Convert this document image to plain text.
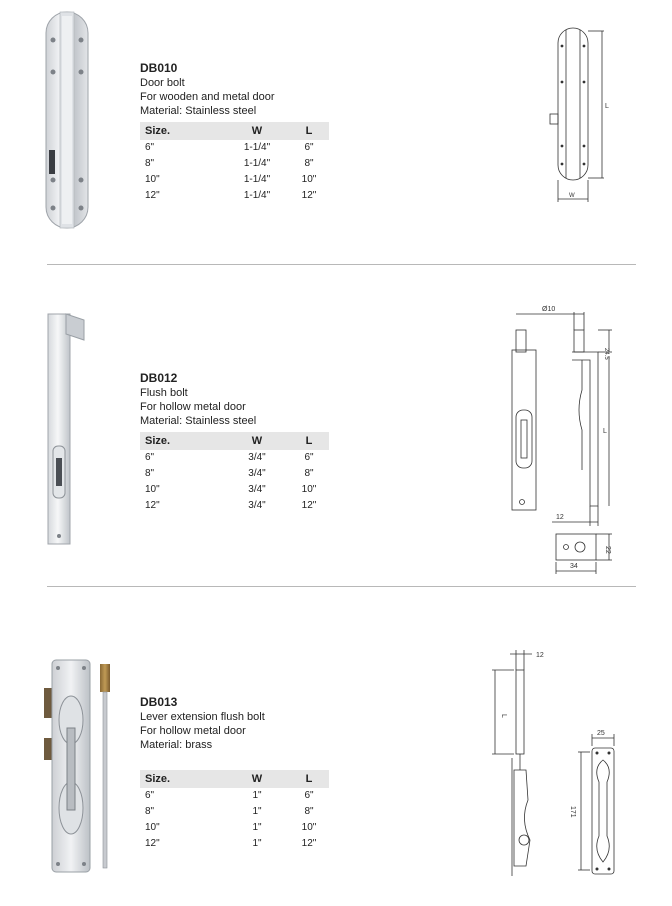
DB010
Door bolt
For wooden and metal door
Material: Stainless steel
Size.	W	L
6"	1-1/4"	6"
8"	1-1/4"	8"
10"	1-1/4"	10"
12"	1-1/4"	12"
L
W
DB012
Flush bolt
For hollow metal door
Material: Stainless steel
Size.	W	L
6"	3/4"	6"
8"	3/4"	8"
10"	3/4"	10"
12"	3/4"	12"
Ø10
24.5
L
12
22
34
DB013
Lever extension flush bolt
For hollow metal door
Material: brass
Size.	W	L
6"	1"	6"
8"	1"	8"
10"	1"	10"
12"	1"	12"
12
L
25
171
